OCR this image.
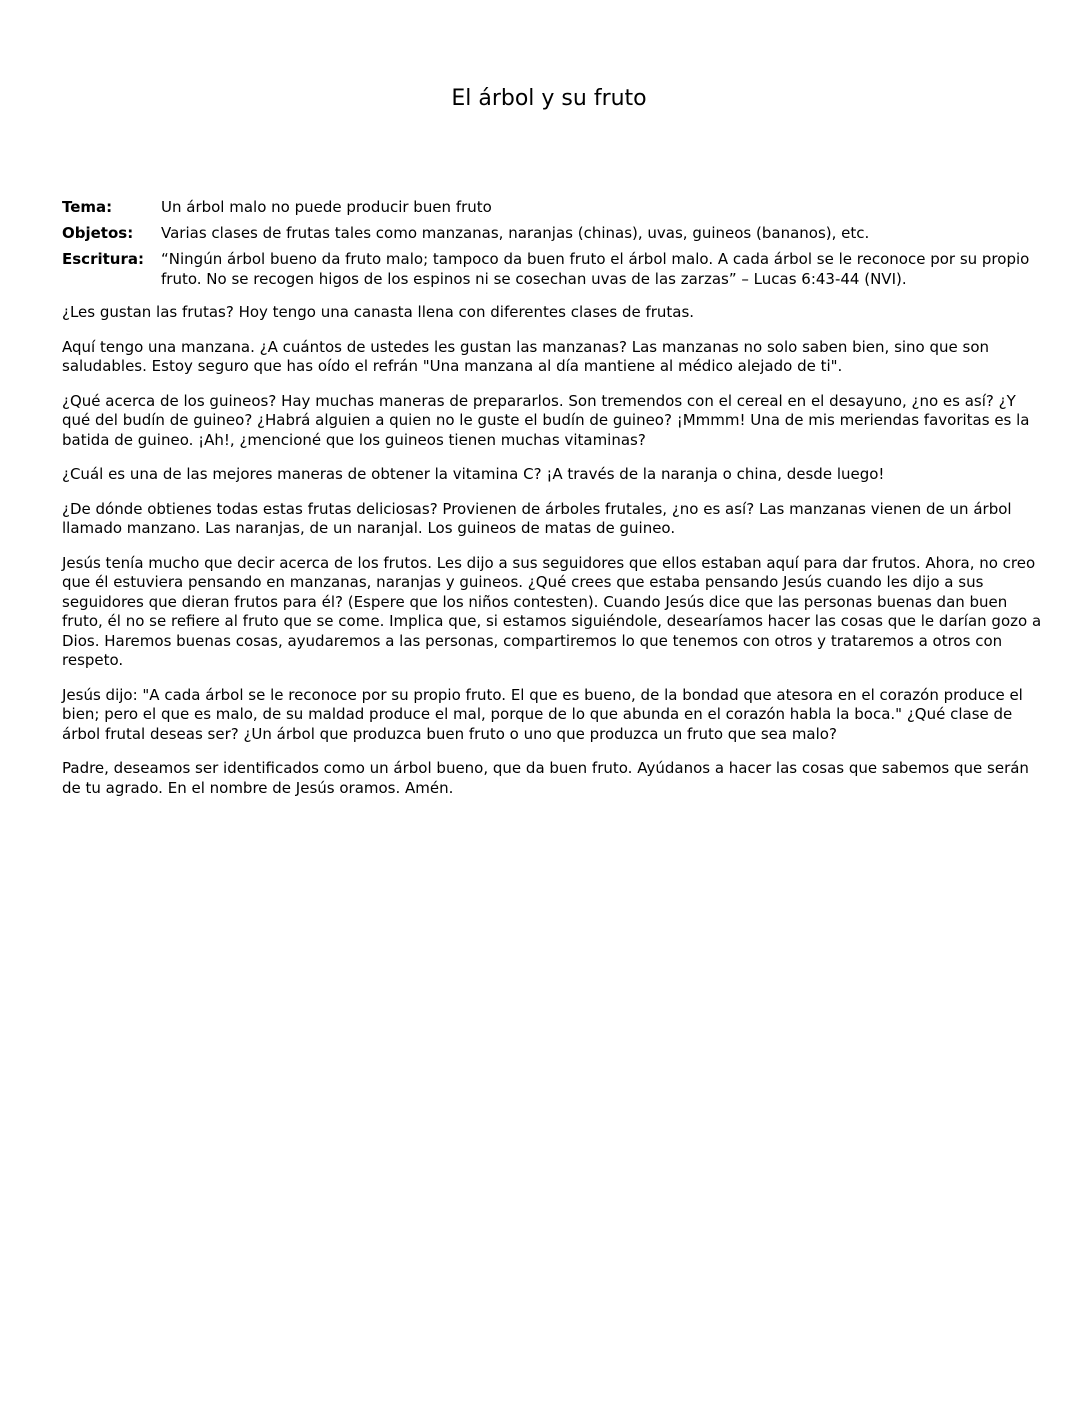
El árbol y su fruto
Tema:	Un árbol malo no puede producir buen fruto
Objetos:	Varias clases de frutas tales como manzanas, naranjas (chinas), uvas, guineos (bananos), etc.
Escritura:	“Ningún árbol bueno da fruto malo; tampoco da buen fruto el árbol malo. A cada árbol se le reconoce por su propio fruto. No se recogen higos de los espinos ni se cosechan uvas de las zarzas” – Lucas 6:43-44 (NVI).

¿Les gustan las frutas? Hoy tengo una canasta llena con diferentes clases de frutas.

Aquí tengo una manzana. ¿A cuántos de ustedes les gustan las manzanas? Las manzanas no solo saben bien, sino que son saludables. Estoy seguro que has oído el refrán "Una manzana al día mantiene al médico alejado de ti".

¿Qué acerca de los guineos? Hay muchas maneras de prepararlos. Son tremendos con el cereal en el desayuno, ¿no es así? ¿Y qué del budín de guineo? ¿Habrá alguien a quien no le guste el budín de guineo? ¡Mmmm! Una de mis meriendas favoritas es la batida de guineo. ¡Ah!, ¿mencioné que los guineos tienen muchas vitaminas?

¿Cuál es una de las mejores maneras de obtener la vitamina C? ¡A través de la naranja o china, desde luego!

¿De dónde obtienes todas estas frutas deliciosas? Provienen de árboles frutales, ¿no es así? Las manzanas vienen de un árbol llamado manzano. Las naranjas, de un naranjal. Los guineos de matas de guineo.

Jesús tenía mucho que decir acerca de los frutos. Les dijo a sus seguidores que ellos estaban aquí para dar frutos. Ahora, no creo que él estuviera pensando en manzanas, naranjas y guineos. ¿Qué crees que estaba pensando Jesús cuando les dijo a sus seguidores que dieran frutos para él? (Espere que los niños contesten). Cuando Jesús dice que las personas buenas dan buen fruto, él no se refiere al fruto que se come. Implica que, si estamos siguiéndole, desearíamos hacer las cosas que le darían gozo a Dios. Haremos buenas cosas, ayudaremos a las personas, compartiremos lo que tenemos con otros y trataremos a otros con respeto.

Jesús dijo: "A cada árbol se le reconoce por su propio fruto. El que es bueno, de la bondad que atesora en el corazón produce el bien; pero el que es malo, de su maldad produce el mal, porque de lo que abunda en el corazón habla la boca." ¿Qué clase de árbol frutal deseas ser? ¿Un árbol que produzca buen fruto o uno que produzca un fruto que sea malo?

Padre, deseamos ser identificados como un árbol bueno, que da buen fruto. Ayúdanos a hacer las cosas que sabemos que serán de tu agrado. En el nombre de Jesús oramos. Amén.
